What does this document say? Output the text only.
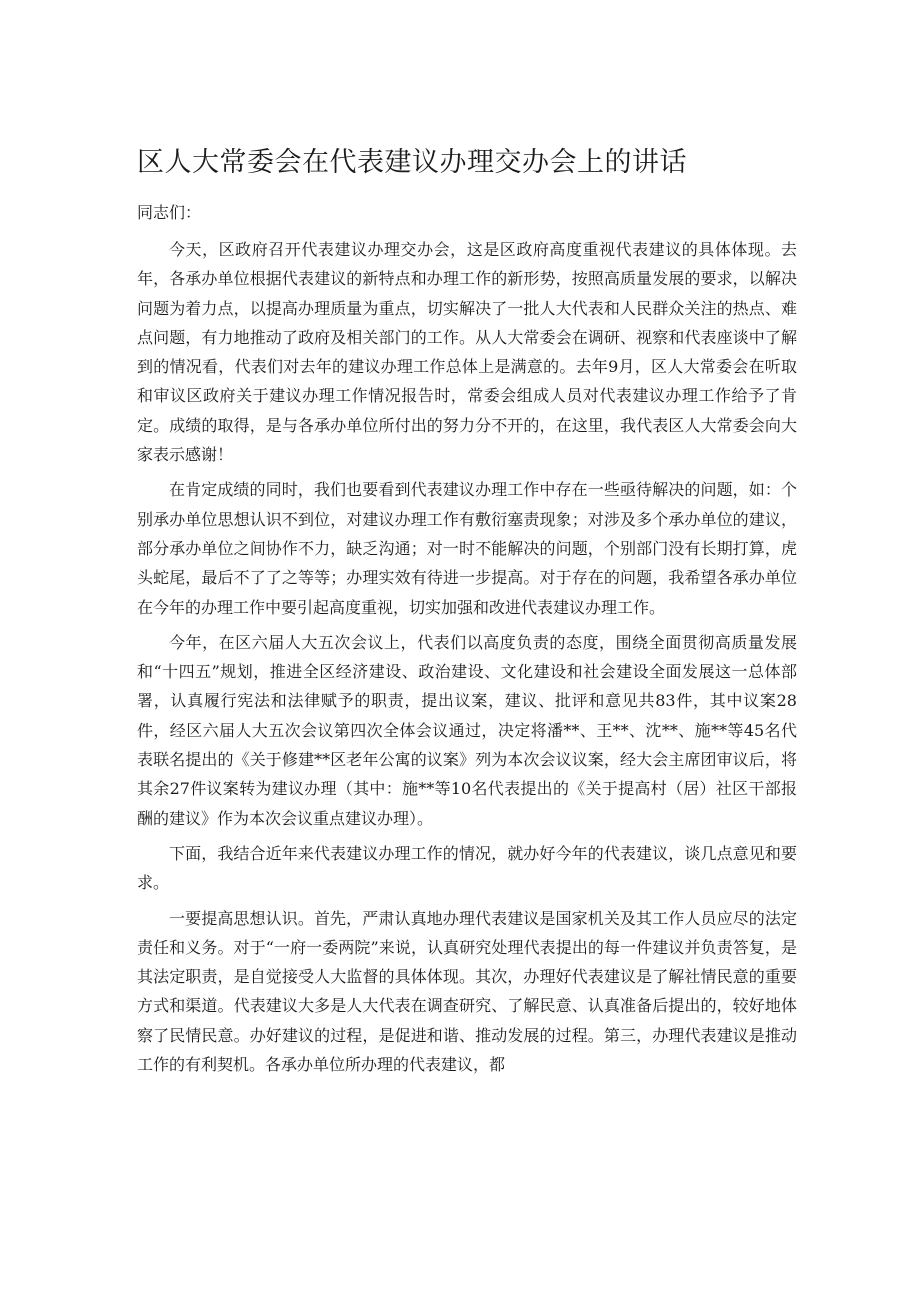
区人大常委会在代表建议办理交办会上的讲话

同志们：

今天，区政府召开代表建议办理交办会，这是区政府高度重视代表建议的具体体现。去年，各承办单位根据代表建议的新特点和办理工作的新形势，按照高质量发展的要求，以解决问题为着力点，以提高办理质量为重点，切实解决了一批人大代表和人民群众关注的热点、难点问题，有力地推动了政府及相关部门的工作。从人大常委会在调研、视察和代表座谈中了解到的情况看，代表们对去年的建议办理工作总体上是满意的。去年9月，区人大常委会在听取和审议区政府关于建议办理工作情况报告时，常委会组成人员对代表建议办理工作给予了肯定。成绩的取得，是与各承办单位所付出的努力分不开的，在这里，我代表区人大常委会向大家表示感谢！

在肯定成绩的同时，我们也要看到代表建议办理工作中存在一些亟待解决的问题，如：个别承办单位思想认识不到位，对建议办理工作有敷衍塞责现象；对涉及多个承办单位的建议，部分承办单位之间协作不力，缺乏沟通；对一时不能解决的问题，个别部门没有长期打算，虎头蛇尾，最后不了了之等等；办理实效有待进一步提高。对于存在的问题，我希望各承办单位在今年的办理工作中要引起高度重视，切实加强和改进代表建议办理工作。

今年，在区六届人大五次会议上，代表们以高度负责的态度，围绕全面贯彻高质量发展和“十四五”规划，推进全区经济建设、政治建设、文化建设和社会建设全面发展这一总体部署，认真履行宪法和法律赋予的职责，提出议案，建议、批评和意见共83件，其中议案28件，经区六届人大五次会议第四次全体会议通过，决定将潘**、王**、沈**、施**等45名代表联名提出的《关于修建**区老年公寓的议案》列为本次会议议案，经大会主席团审议后，将其余27件议案转为建议办理（其中：施**等10名代表提出的《关于提高村（居）社区干部报酬的建议》作为本次会议重点建议办理）。

下面，我结合近年来代表建议办理工作的情况，就办好今年的代表建议，谈几点意见和要求。

一要提高思想认识。首先，严肃认真地办理代表建议是国家机关及其工作人员应尽的法定责任和义务。对于“一府一委两院”来说，认真研究处理代表提出的每一件建议并负责答复，是其法定职责，是自觉接受人大监督的具体体现。其次，办理好代表建议是了解社情民意的重要方式和渠道。代表建议大多是人大代表在调查研究、了解民意、认真准备后提出的，较好地体察了民情民意。办好建议的过程，是促进和谐、推动发展的过程。第三，办理代表建议是推动工作的有利契机。各承办单位所办理的代表建议，都
